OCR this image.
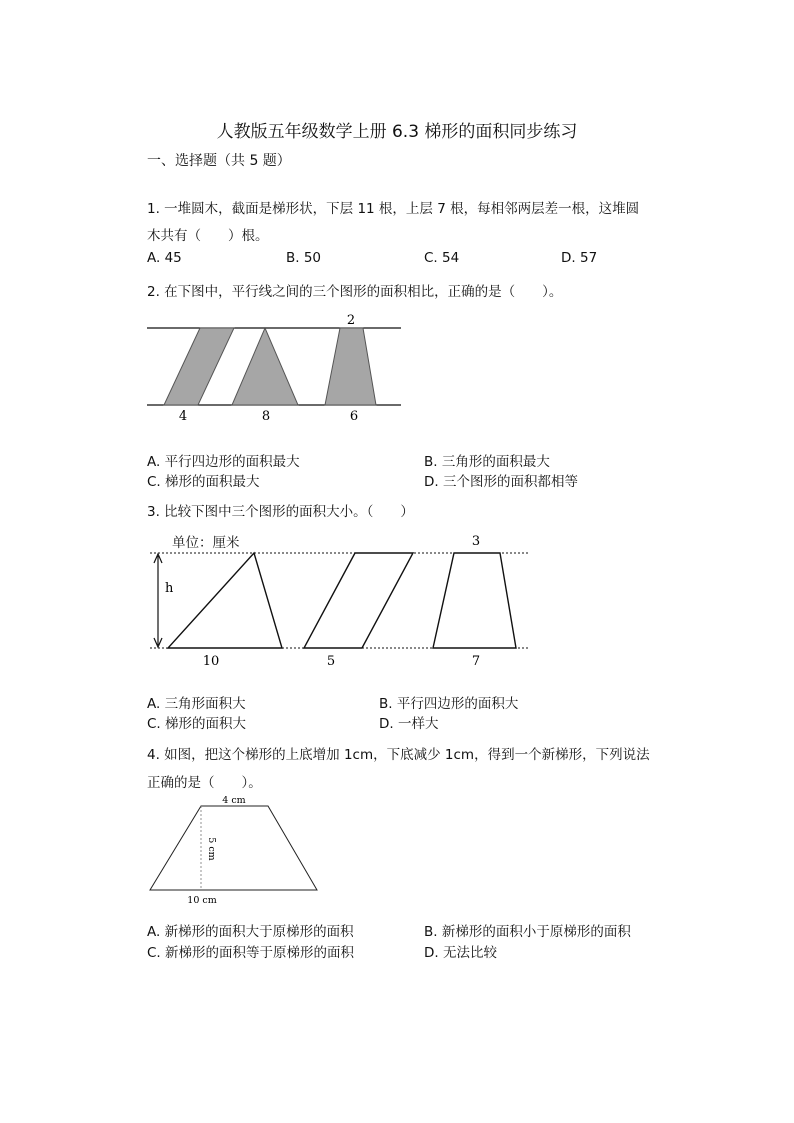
人教版五年级数学上册 6.3 梯形的面积同步练习
一、选择题（共 5 题）
1. 一堆圆木，截面是梯形状，下层 11 根，上层 7 根，每相邻两层差一根，这堆圆
木共有（　　）根。
A. 45	B. 50	C. 54	D. 57
2. 在下图中，平行线之间的三个图形的面积相比，正确的是（　　）。
2
4	8	6
A. 平行四边形的面积最大	B. 三角形的面积最大
C. 梯形的面积最大	D. 三个图形的面积都相等
3. 比较下图中三个图形的面积大小。（　　）
单位：厘米
h
3
10	5	7
A. 三角形面积大	B. 平行四边形的面积大
C. 梯形的面积大	D. 一样大
4. 如图，把这个梯形的上底增加 1cm，下底减少 1cm，得到一个新梯形，下列说法
正确的是（　　）。
4 cm
5 cm
10 cm
A. 新梯形的面积大于原梯形的面积	B. 新梯形的面积小于原梯形的面积
C. 新梯形的面积等于原梯形的面积	D. 无法比较
